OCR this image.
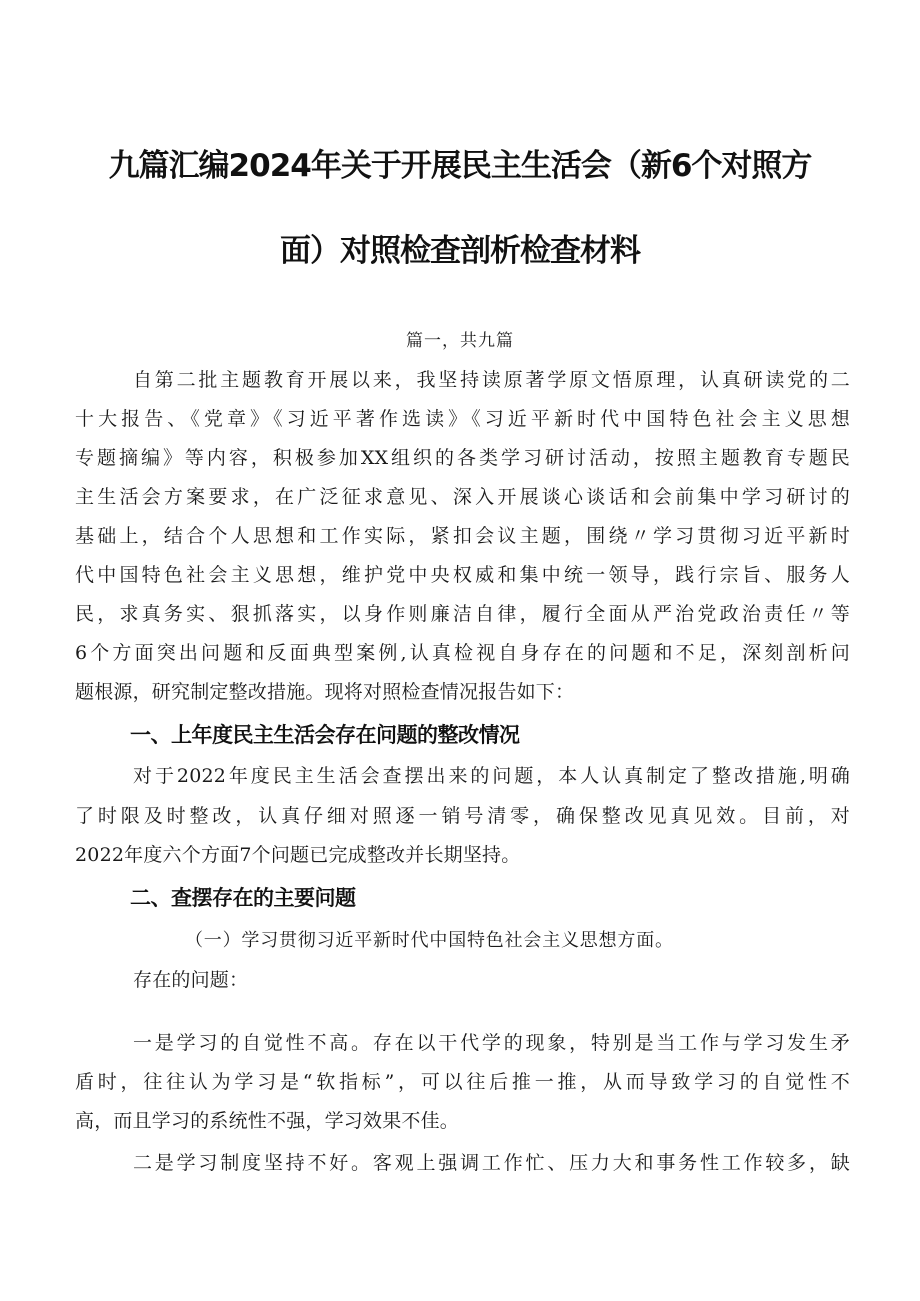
九篇汇编2024年关于开展民主生活会（新6个对照方
面）对照检查剖析检查材料
篇一，共九篇
自第二批主题教育开展以来，我坚持读原著学原文悟原理，认真研读党的二
十大报告、《党章》《习近平著作选读》《习近平新时代中国特色社会主义思想
专题摘编》等内容，积极参加XX组织的各类学习研讨活动，按照主题教育专题民
主生活会方案要求，在广泛征求意见、深入开展谈心谈话和会前集中学习研讨的
基础上，结合个人思想和工作实际，紧扣会议主题，围绕〃学习贯彻习近平新时
代中国特色社会主义思想，维护党中央权威和集中统一领导，践行宗旨、服务人
民，求真务实、狠抓落实，以身作则廉洁自律，履行全面从严治党政治责任〃等
6个方面突出问题和反面典型案例,认真检视自身存在的问题和不足，深刻剖析问
题根源，研究制定整改措施。现将对照检查情况报告如下：
一、上年度民主生活会存在问题的整改情况
对于2022年度民主生活会查摆出来的问题，本人认真制定了整改措施,明确
了时限及时整改，认真仔细对照逐一销号清零，确保整改见真见效。目前，对
2022年度六个方面7个问题已完成整改并长期坚持。
二、查摆存在的主要问题
（一）学习贯彻习近平新时代中国特色社会主义思想方面。
存在的问题：
一是学习的自觉性不高。存在以干代学的现象，特别是当工作与学习发生矛
盾时，往往认为学习是“软指标”，可以往后推一推，从而导致学习的自觉性不
高，而且学习的系统性不强，学习效果不佳。
二是学习制度坚持不好。客观上强调工作忙、压力大和事务性工作较多，缺
